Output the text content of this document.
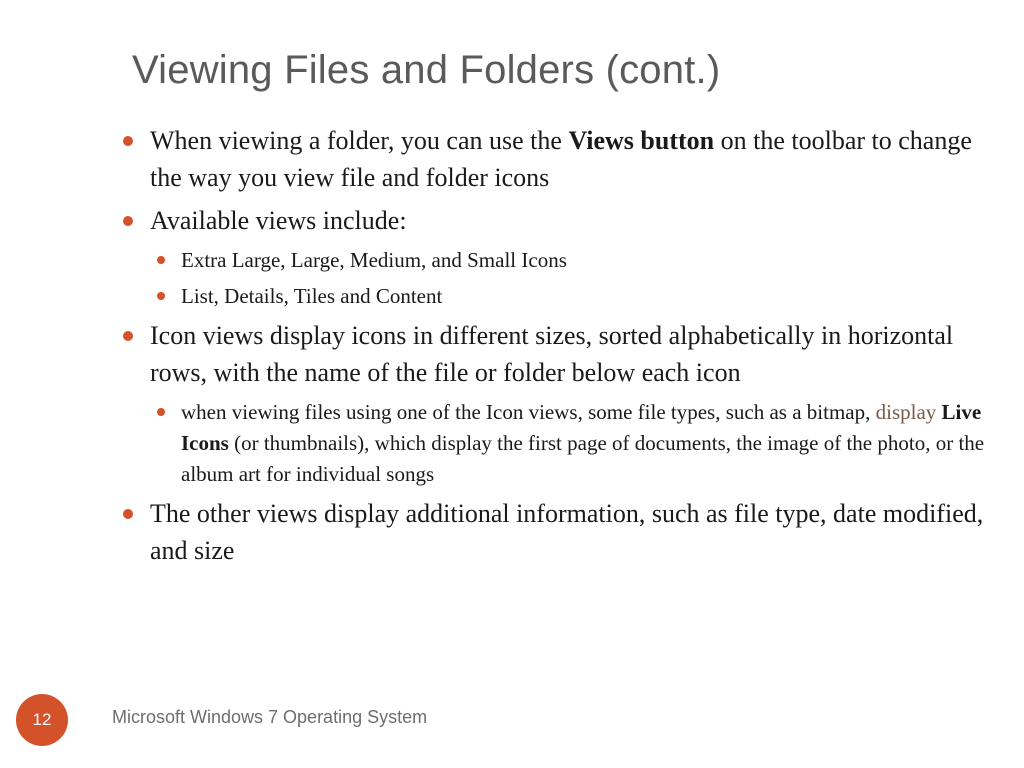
Viewing Files and Folders (cont.)

When viewing a folder, you can use the Views button on the toolbar to change the way you view file and folder icons

Available views include:

Extra Large, Large, Medium, and Small Icons

List, Details, Tiles and Content

Icon views display icons in different sizes, sorted alphabetically in horizontal rows, with the name of the file or folder below each icon

when viewing files using one of the Icon views, some file types, such as a bitmap, display Live Icons (or thumbnails), which display the first page of documents, the image of the photo, or the album art for individual songs

The other views display additional information, such as file type, date modified, and size

12	Microsoft Windows 7 Operating System
